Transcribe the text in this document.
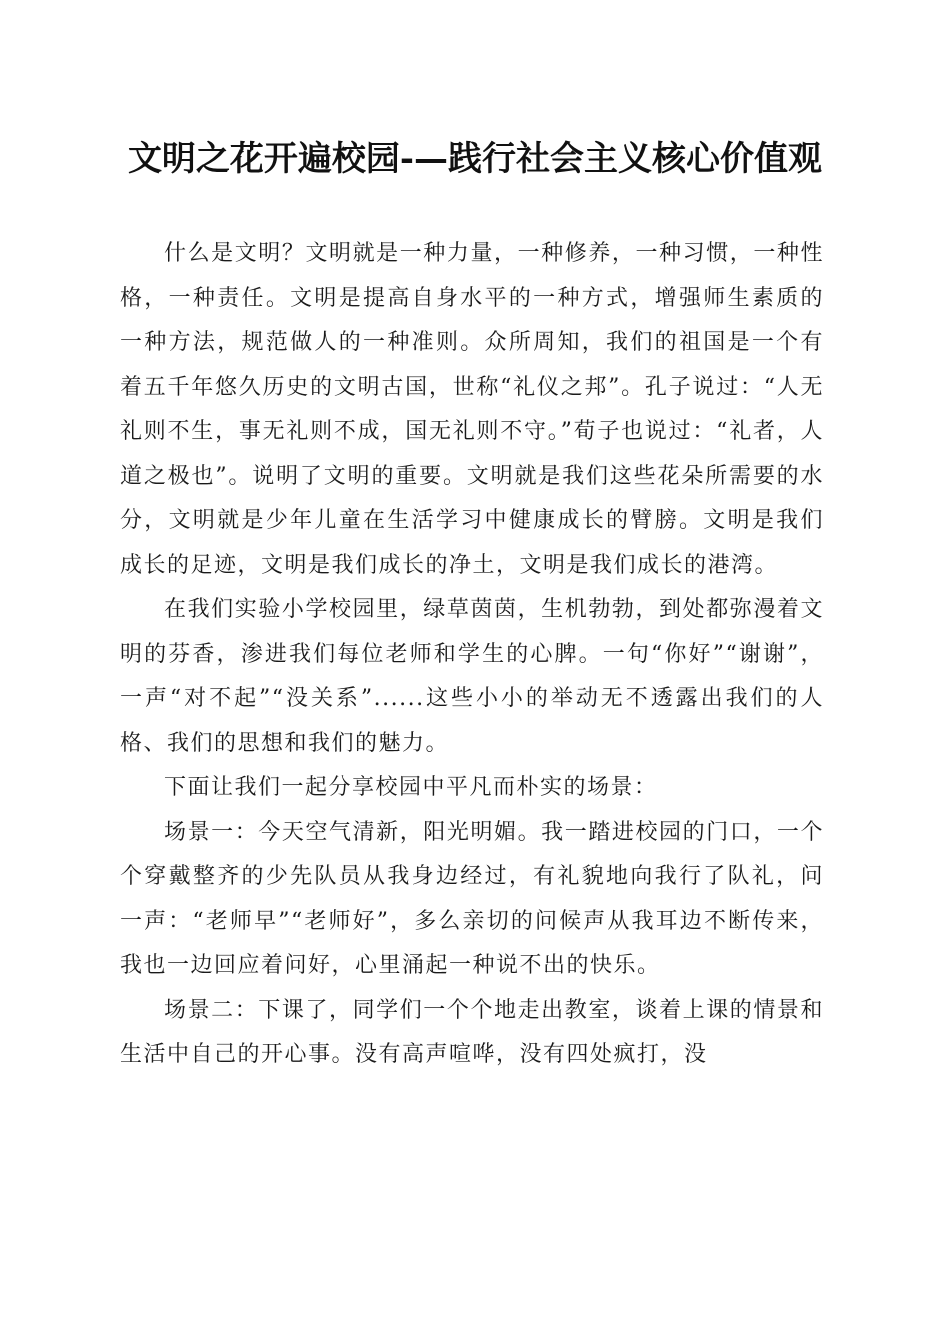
文明之花开遍校园-—践行社会主义核心价值观

什么是文明？文明就是一种力量，一种修养，一种习惯，一种性格，一种责任。文明是提高自身水平的一种方式，增强师生素质的一种方法，规范做人的一种准则。众所周知，我们的祖国是一个有着五千年悠久历史的文明古国，世称“礼仪之邦”。孔子说过：“人无礼则不生，事无礼则不成，国无礼则不守。”荀子也说过：“礼者，人道之极也”。说明了文明的重要。文明就是我们这些花朵所需要的水分，文明就是少年儿童在生活学习中健康成长的臂膀。文明是我们成长的足迹，文明是我们成长的净土，文明是我们成长的港湾。

在我们实验小学校园里，绿草茵茵，生机勃勃，到处都弥漫着文明的芬香，渗进我们每位老师和学生的心脾。一句“你好”“谢谢”，一声“对不起”“没关系”......这些小小的举动无不透露出我们的人格、我们的思想和我们的魅力。

下面让我们一起分享校园中平凡而朴实的场景：

场景一：今天空气清新，阳光明媚。我一踏进校园的门口，一个个穿戴整齐的少先队员从我身边经过，有礼貌地向我行了队礼，问一声：“老师早”“老师好”，多么亲切的问候声从我耳边不断传来，我也一边回应着问好，心里涌起一种说不出的快乐。

场景二：下课了，同学们一个个地走出教室，谈着上课的情景和生活中自己的开心事。没有高声喧哗，没有四处疯打，没
